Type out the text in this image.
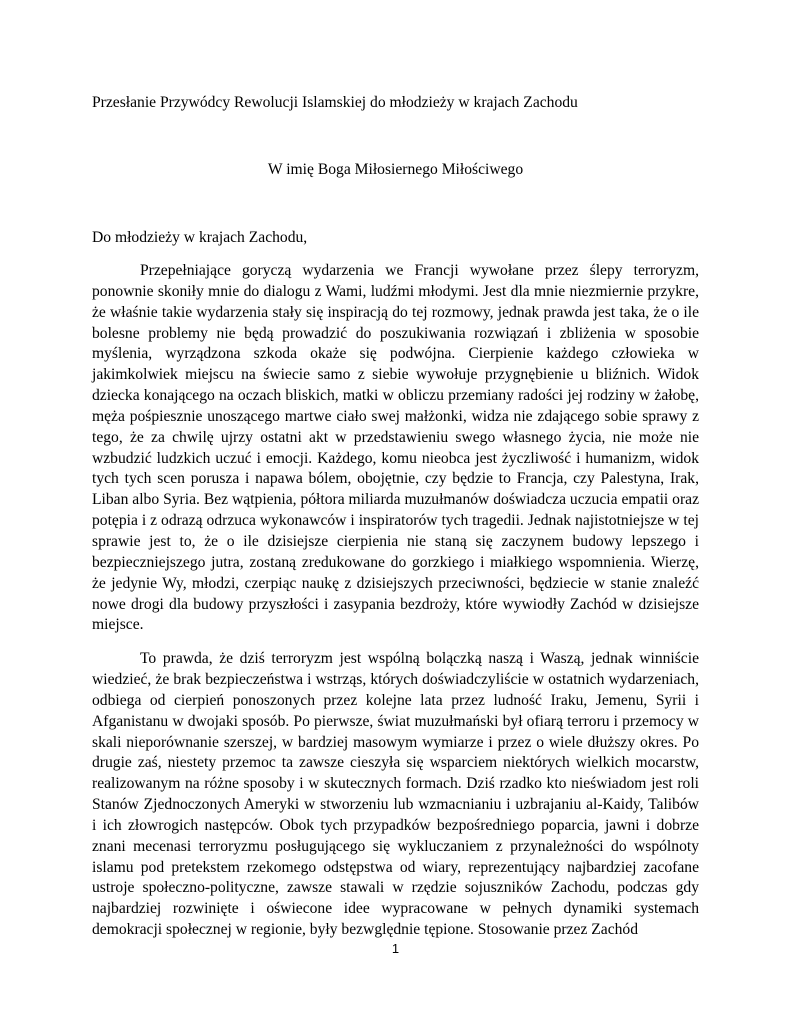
Przesłanie Przywódcy Rewolucji Islamskiej do młodzieży w krajach Zachodu
W imię Boga Miłosiernego Miłościwego
Do młodzieży w krajach Zachodu,
Przepełniające goryczą wydarzenia we Francji wywołane przez ślepy terroryzm,
ponownie skoniły mnie do dialogu z Wami, ludźmi młodymi. Jest dla mnie niezmiernie przykre,
że właśnie takie wydarzenia stały się inspiracją do tej rozmowy, jednak prawda jest taka, że o ile
bolesne problemy nie będą prowadzić do poszukiwania rozwiązań i zbliżenia w sposobie
myślenia, wyrządzona szkoda okaże się podwójna. Cierpienie każdego człowieka w
jakimkolwiek miejscu na świecie samo z siebie wywołuje przygnębienie u bliźnich. Widok
dziecka konającego na oczach bliskich, matki w obliczu przemiany radości jej rodziny w żałobę,
męża pośpiesznie unoszącego martwe ciało swej małżonki, widza nie zdającego sobie sprawy z
tego, że za chwilę ujrzy ostatni akt w przedstawieniu swego własnego życia, nie może nie
wzbudzić ludzkich uczuć i emocji. Każdego, komu nieobca jest życzliwość i humanizm, widok
tych tych scen porusza i napawa bólem, obojętnie, czy będzie to Francja, czy Palestyna, Irak,
Liban albo Syria. Bez wątpienia, półtora miliarda muzułmanów doświadcza uczucia empatii oraz
potępia i z odrazą odrzuca wykonawców i inspiratorów tych tragedii. Jednak najistotniejsze w tej
sprawie jest to, że o ile dzisiejsze cierpienia nie staną się zaczynem budowy lepszego i
bezpieczniejszego jutra, zostaną zredukowane do gorzkiego i miałkiego wspomnienia. Wierzę,
że jedynie Wy, młodzi, czerpiąc naukę z dzisiejszych przeciwności, będziecie w stanie znaleźć
nowe drogi dla budowy przyszłości i zasypania bezdroży, które wywiodły Zachód w dzisiejsze
miejsce.
To prawda, że dziś terroryzm jest wspólną bolączką naszą i Waszą, jednak winniście
wiedzieć, że brak bezpieczeństwa i wstrząs, których doświadczyliście w ostatnich wydarzeniach,
odbiega od cierpień ponoszonych przez kolejne lata przez ludność Iraku, Jemenu, Syrii i
Afganistanu w dwojaki sposób. Po pierwsze, świat muzułmański był ofiarą terroru i przemocy w
skali nieporównanie szerszej, w bardziej masowym wymiarze i przez o wiele dłuższy okres. Po
drugie zaś, niestety przemoc ta zawsze cieszyła się wsparciem niektórych wielkich mocarstw,
realizowanym na różne sposoby i w skutecznych formach. Dziś rzadko kto nieświadom jest roli
Stanów Zjednoczonych Ameryki w stworzeniu lub wzmacnianiu i uzbrajaniu al-Kaidy, Talibów
i ich złowrogich następców. Obok tych przypadków bezpośredniego poparcia, jawni i dobrze
znani mecenasi terroryzmu posługującego się wykluczaniem z przynależności do wspólnoty
islamu pod pretekstem rzekomego odstępstwa od wiary, reprezentujący najbardziej zacofane
ustroje społeczno-polityczne, zawsze stawali w rzędzie sojuszników Zachodu, podczas gdy
najbardziej rozwinięte i oświecone idee wypracowane w pełnych dynamiki systemach
demokracji społecznej w regionie, były bezwględnie tępione. Stosowanie przez Zachód
1
